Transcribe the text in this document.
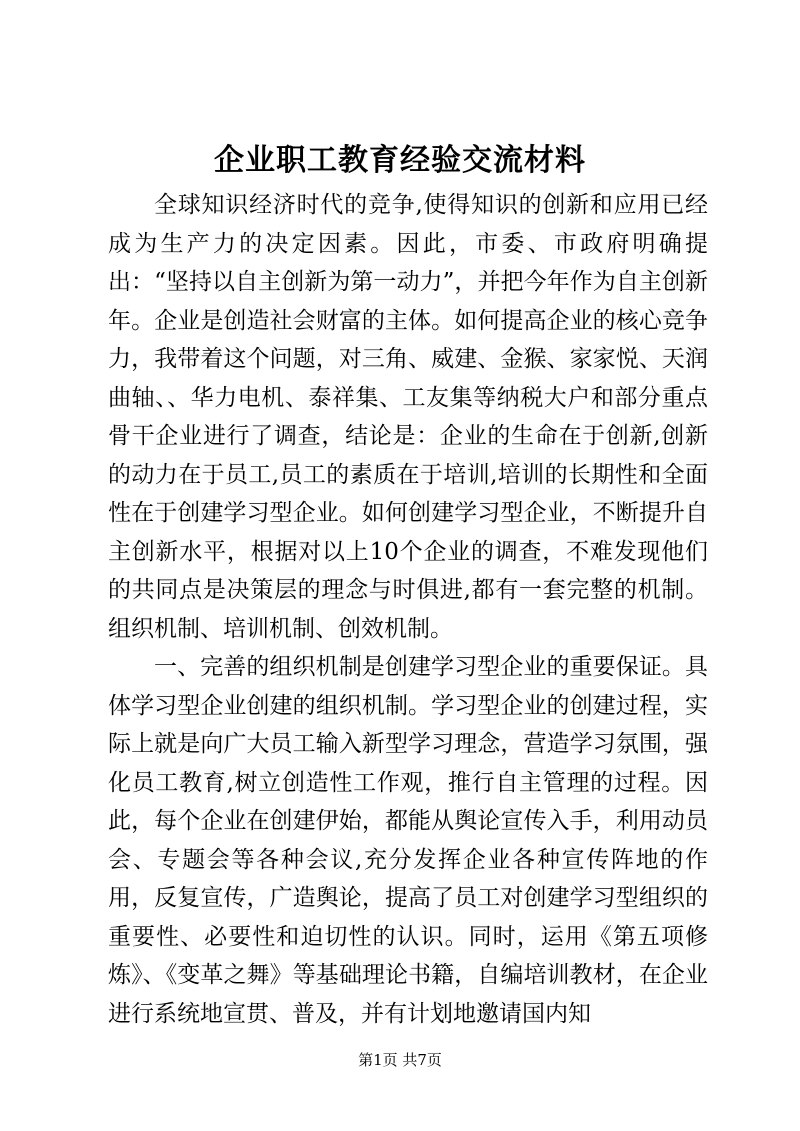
企业职工教育经验交流材料

全球知识经济时代的竞争,使得知识的创新和应用已经成为生产力的决定因素。因此，市委、市政府明确提出：“坚持以自主创新为第一动力”，并把今年作为自主创新年。企业是创造社会财富的主体。如何提高企业的核心竞争力，我带着这个问题，对三角、威建、金猴、家家悦、天润曲轴、、华力电机、泰祥集、工友集等纳税大户和部分重点骨干企业进行了调查，结论是：企业的生命在于创新,创新的动力在于员工,员工的素质在于培训,培训的长期性和全面性在于创建学习型企业。如何创建学习型企业，不断提升自主创新水平，根据对以上10个企业的调查，不难发现他们的共同点是决策层的理念与时俱进,都有一套完整的机制。组织机制、培训机制、创效机制。

一、完善的组织机制是创建学习型企业的重要保证。具体学习型企业创建的组织机制。学习型企业的创建过程，实际上就是向广大员工输入新型学习理念，营造学习氛围，强化员工教育,树立创造性工作观，推行自主管理的过程。因此，每个企业在创建伊始，都能从舆论宣传入手，利用动员会、专题会等各种会议,充分发挥企业各种宣传阵地的作用，反复宣传，广造舆论，提高了员工对创建学习型组织的重要性、必要性和迫切性的认识。同时，运用《第五项修炼》、《变革之舞》等基础理论书籍，自编培训教材，在企业进行系统地宣贯、普及，并有计划地邀请国内知

第1页 共7页
